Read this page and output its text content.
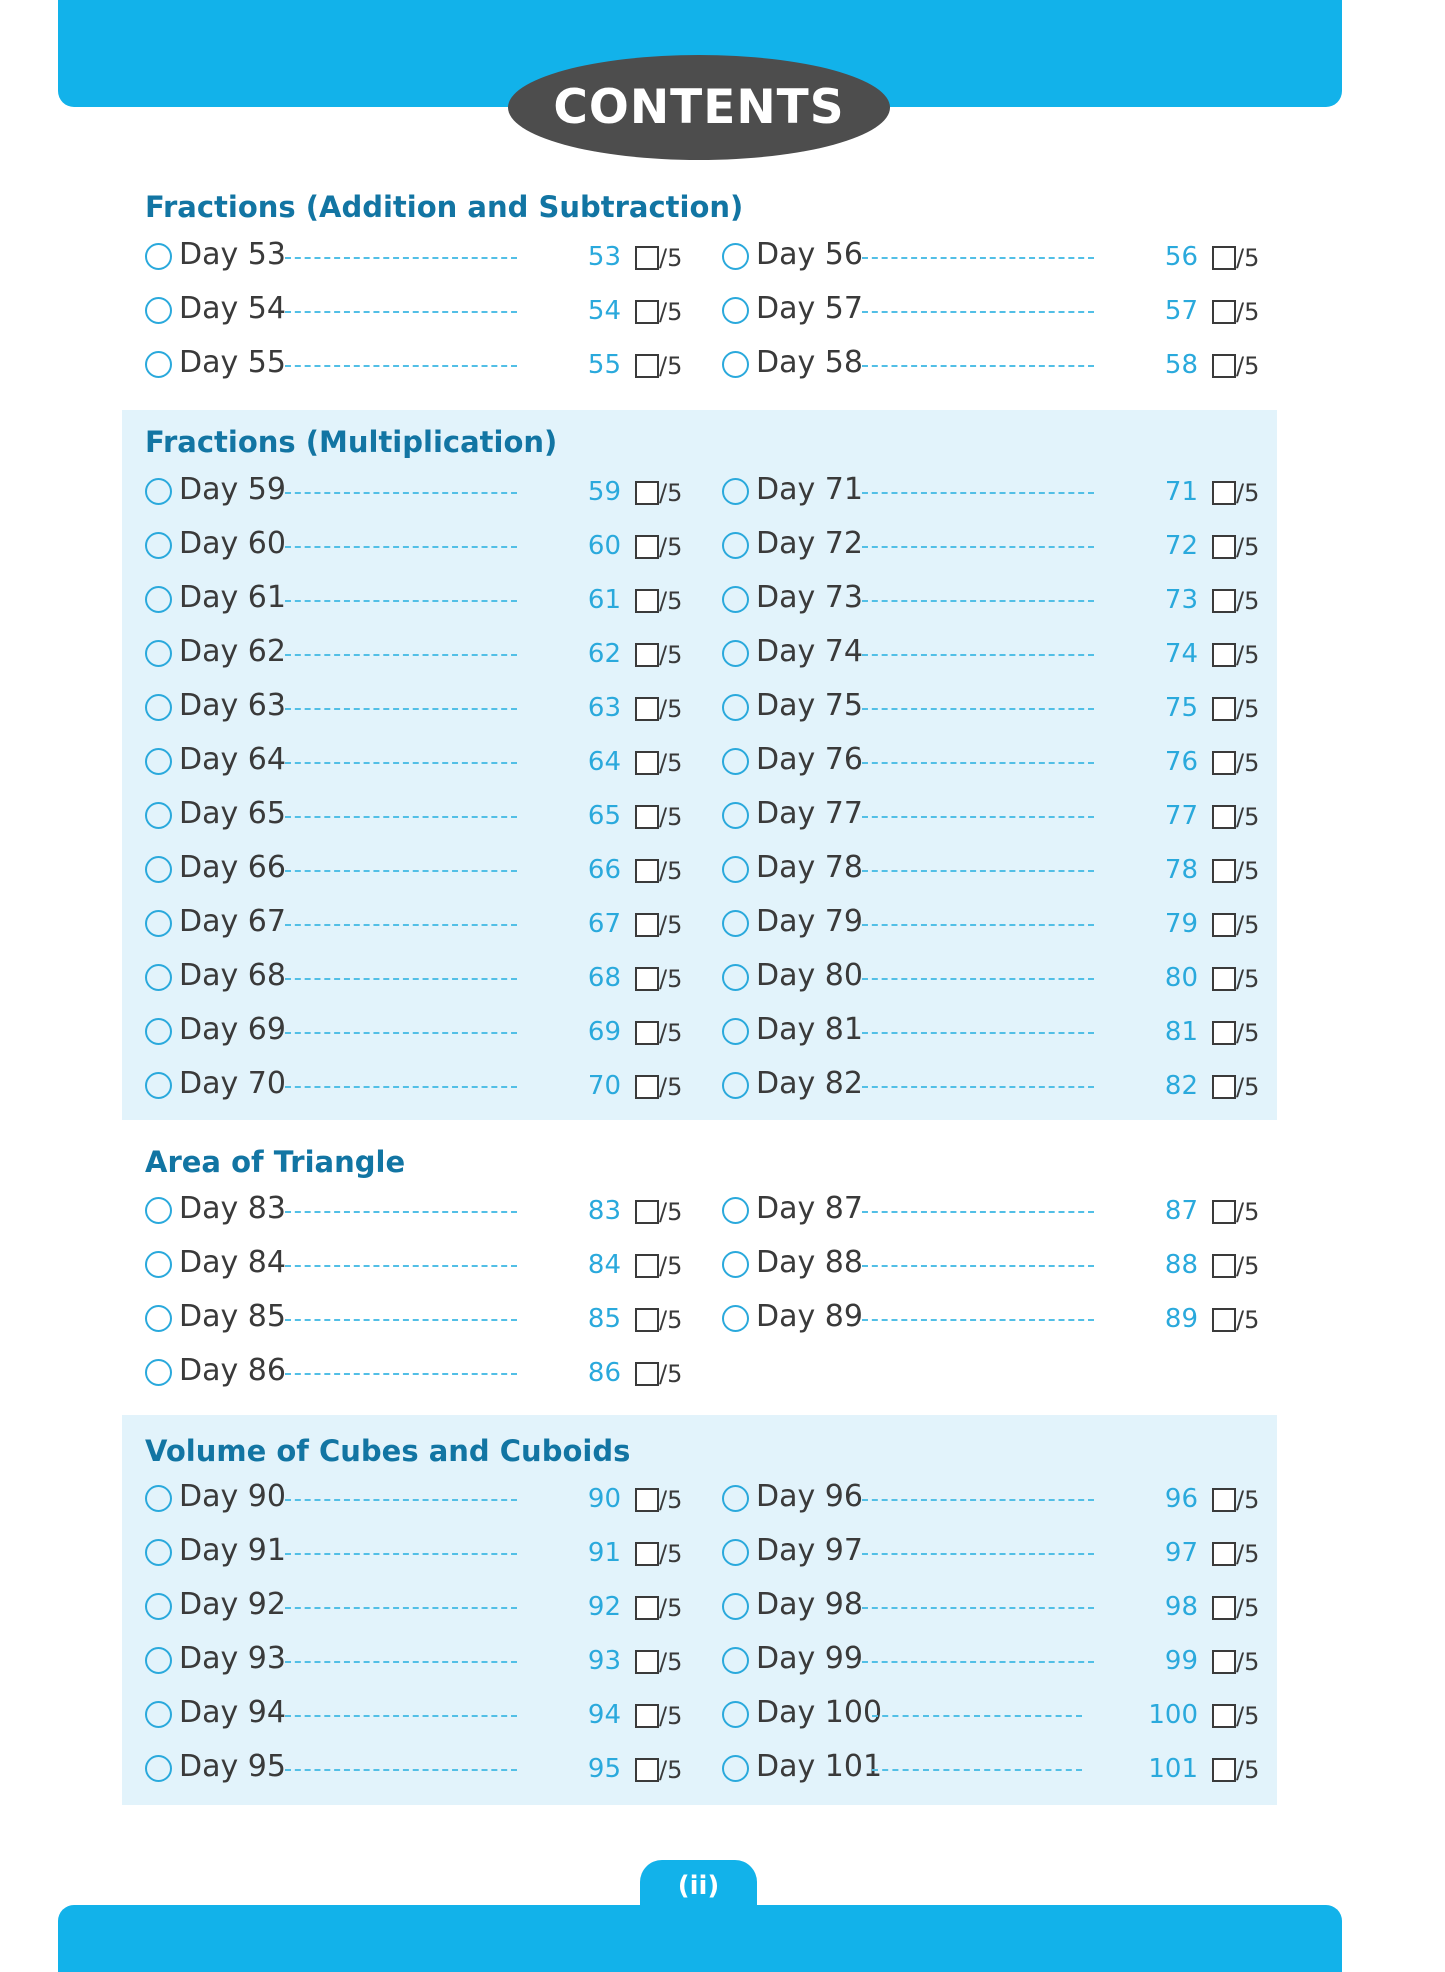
CONTENTS
Fractions (Addition and Subtraction)
Day 53	53 /5
Day 54	54 /5
Day 55	55 /5
Day 56	56 /5
Day 57	57 /5
Day 58	58 /5
Fractions (Multiplication)
Day 59	59 /5
Day 60	60 /5
Day 61	61 /5
Day 62	62 /5
Day 63	63 /5
Day 64	64 /5
Day 65	65 /5
Day 66	66 /5
Day 67	67 /5
Day 68	68 /5
Day 69	69 /5
Day 70	70 /5
Day 71	71 /5
Day 72	72 /5
Day 73	73 /5
Day 74	74 /5
Day 75	75 /5
Day 76	76 /5
Day 77	77 /5
Day 78	78 /5
Day 79	79 /5
Day 80	80 /5
Day 81	81 /5
Day 82	82 /5
Area of Triangle
Day 83	83 /5
Day 84	84 /5
Day 85	85 /5
Day 86	86 /5
Day 87	87 /5
Day 88	88 /5
Day 89	89 /5
Volume of Cubes and Cuboids
Day 90	90 /5
Day 91	91 /5
Day 92	92 /5
Day 93	93 /5
Day 94	94 /5
Day 95	95 /5
Day 96	96 /5
Day 97	97 /5
Day 98	98 /5
Day 99	99 /5
Day 100	100 /5
Day 101	101 /5
(ii)
